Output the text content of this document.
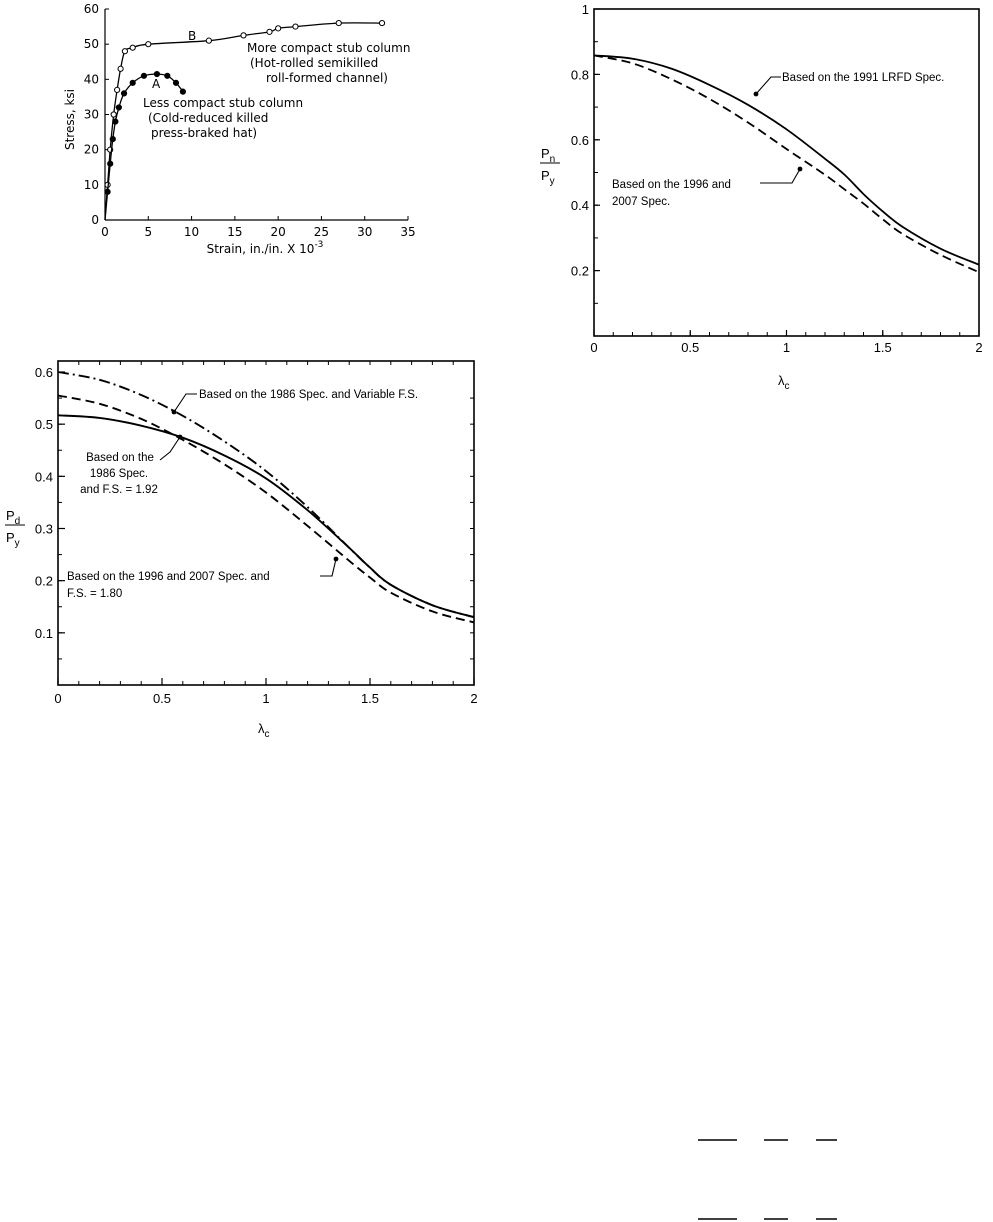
0	5	10 15 20 25 30 35
0
10
20
30
40
50
60
Strain, in./in. X $10^{-3}$
Stress, ksi
B
A
More compact stub column
(Hot-rolled semikilled
roll-formed channel)
Less compact stub column
(Cold-reduced killed
press-braked hat)
0	0.5	1	1.5	2
0.2
0.4
0.6
0.8
1
$\lambda_c$
$P_n$
$P_y$
Based on the 1991 LRFD Spec.
Based on the 1996 and
2007 Spec.
0	0.5	1	1.5	2
0.1
0.2
0.3
0.4
0.5
0.6
$\lambda_c$
$P_d$
$P_y$
Based on the 1986 Spec. and Variable F.S.
Based on the
1986 Spec.
and F.S. = 1.92
Based on the 1996 and 2007 Spec. and
F.S. = 1.80
